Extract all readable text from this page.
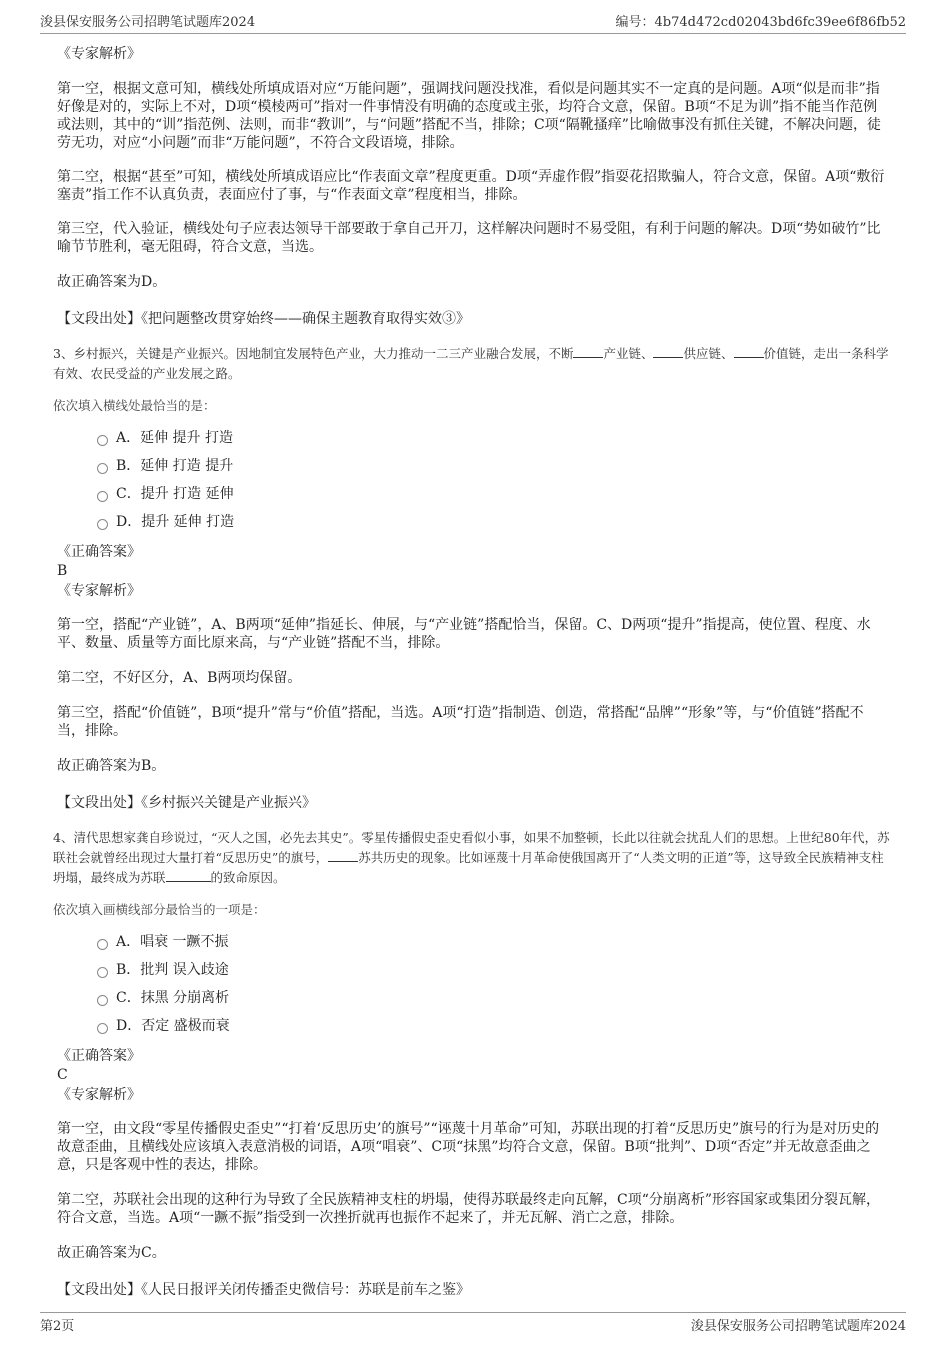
浚县保安服务公司招聘笔试题库2024	编号：4b74d472cd02043bd6fc39ee6f86fb52

《专家解析》

第一空，根据文意可知，横线处所填成语对应“万能问题”，强调找问题没找准，看似是问题其实不一定真的是问题。A项“似是而非”指好像是对的，实际上不对，D项“模棱两可”指对一件事情没有明确的态度或主张，均符合文意，保留。B项“不足为训”指不能当作范例或法则，其中的“训”指范例、法则，而非“教训”，与“问题”搭配不当，排除；C项“隔靴搔痒”比喻做事没有抓住关键，不解决问题，徒劳无功，对应“小问题”而非“万能问题”，不符合文段语境，排除。

第二空，根据“甚至”可知，横线处所填成语应比“作表面文章”程度更重。D项“弄虚作假”指耍花招欺骗人，符合文意，保留。A项“敷衍塞责”指工作不认真负责，表面应付了事，与“作表面文章”程度相当，排除。

第三空，代入验证，横线处句子应表达领导干部要敢于拿自己开刀，这样解决问题时不易受阻，有利于问题的解决。D项“势如破竹”比喻节节胜利，毫无阻碍，符合文意，当选。

故正确答案为D。

【文段出处】《把问题整改贯穿始终——确保主题教育取得实效③》

3、乡村振兴，关键是产业振兴。因地制宜发展特色产业，大力推动一二三产业融合发展，不断 产业链、 供应链、 价值链，走出一条科学有效、农民受益的产业发展之路。

依次填入横线处最恰当的是：

A．延伸 提升 打造
B．延伸 打造 提升
C．提升 打造 延伸
D．提升 延伸 打造

《正确答案》

B

《专家解析》

第一空，搭配“产业链”，A、B两项“延伸”指延长、伸展，与“产业链”搭配恰当，保留。C、D两项“提升”指提高，使位置、程度、水平、数量、质量等方面比原来高，与“产业链”搭配不当，排除。

第二空，不好区分，A、B两项均保留。

第三空，搭配“价值链”，B项“提升”常与“价值”搭配，当选。A项“打造”指制造、创造，常搭配“品牌”“形象”等，与“价值链”搭配不当，排除。

故正确答案为B。

【文段出处】《乡村振兴关键是产业振兴》

4、清代思想家龚自珍说过，“灭人之国，必先去其史”。零星传播假史歪史看似小事，如果不加整顿，长此以往就会扰乱人们的思想。上世纪80年代，苏联社会就曾经出现过大量打着“反思历史”的旗号， 苏共历史的现象。比如诬蔑十月革命使俄国离开了“人类文明的正道”等，这导致全民族精神支柱坍塌，最终成为苏联	的致命原因。

依次填入画横线部分最恰当的一项是：

A．唱衰 一蹶不振
B．批判 误入歧途
C．抹黑 分崩离析
D．否定 盛极而衰

《正确答案》

C

《专家解析》

第一空，由文段“零星传播假史歪史”“打着‘反思历史’的旗号”“诬蔑十月革命”可知，苏联出现的打着“反思历史”旗号的行为是对历史的故意歪曲，且横线处应该填入表意消极的词语，A项“唱衰”、C项“抹黑”均符合文意，保留。B项“批判”、D项“否定”并无故意歪曲之意，只是客观中性的表达，排除。

第二空，苏联社会出现的这种行为导致了全民族精神支柱的坍塌，使得苏联最终走向瓦解，C项“分崩离析”形容国家或集团分裂瓦解，符合文意，当选。A项“一蹶不振”指受到一次挫折就再也振作不起来了，并无瓦解、消亡之意，排除。

故正确答案为C。

【文段出处】《人民日报评关闭传播歪史微信号：苏联是前车之鉴》

第2页	浚县保安服务公司招聘笔试题库2024
